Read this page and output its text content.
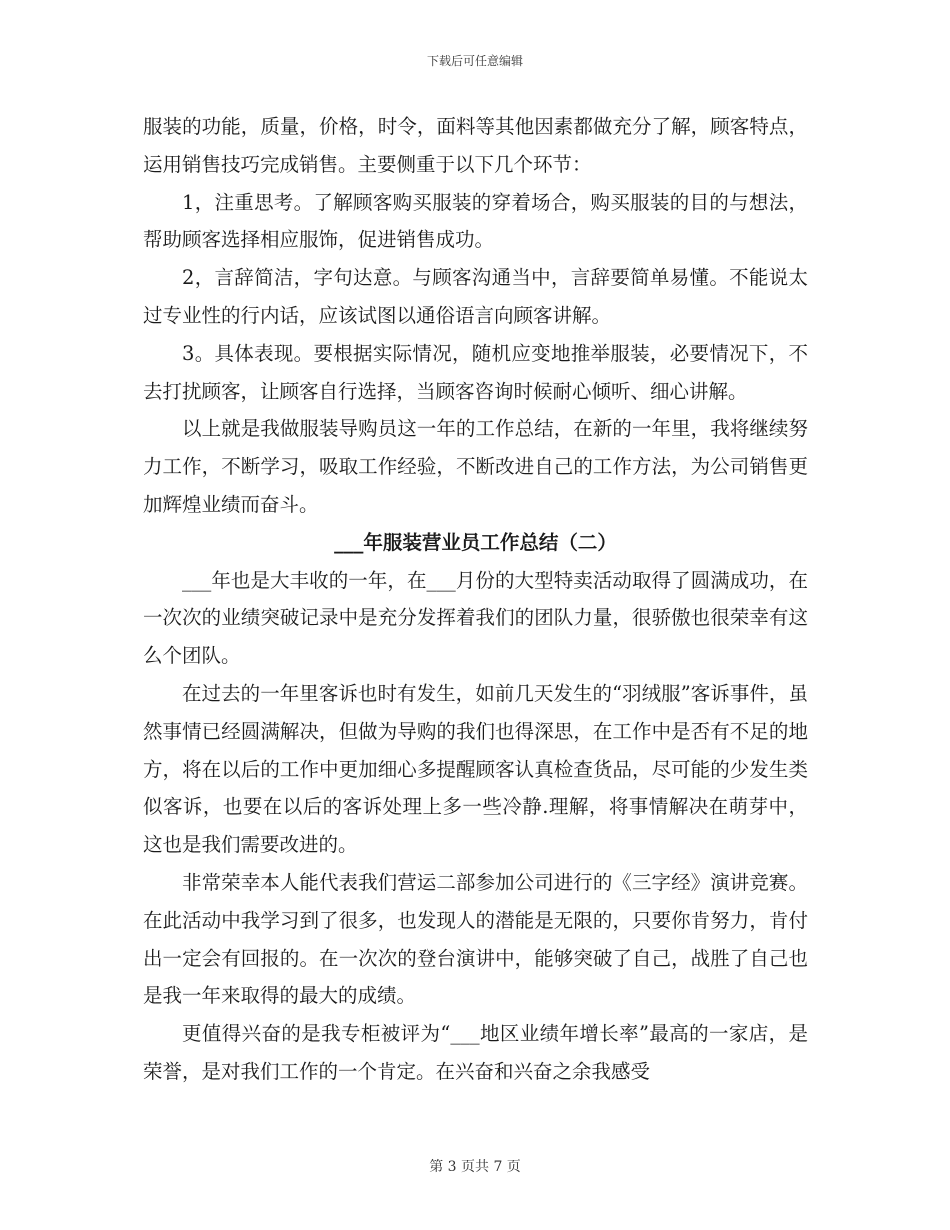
下载后可任意编辑

服装的功能，质量，价格，时令，面料等其他因素都做充分了解，顾客特点，运用销售技巧完成销售。主要侧重于以下几个环节：

1，注重思考。了解顾客购买服装的穿着场合，购买服装的目的与想法，帮助顾客选择相应服饰，促进销售成功。

2，言辞简洁，字句达意。与顾客沟通当中，言辞要简单易懂。不能说太过专业性的行内话，应该试图以通俗语言向顾客讲解。

3。具体表现。要根据实际情况，随机应变地推举服装，必要情况下，不去打扰顾客，让顾客自行选择，当顾客咨询时候耐心倾听、细心讲解。

以上就是我做服装导购员这一年的工作总结，在新的一年里，我将继续努力工作，不断学习，吸取工作经验，不断改进自己的工作方法，为公司销售更加辉煌业绩而奋斗。

___年服装营业员工作总结（二）

___年也是大丰收的一年，在___月份的大型特卖活动取得了圆满成功，在一次次的业绩突破记录中是充分发挥着我们的团队力量，很骄傲也很荣幸有这么个团队。

在过去的一年里客诉也时有发生，如前几天发生的“羽绒服”客诉事件，虽然事情已经圆满解决，但做为导购的我们也得深思，在工作中是否有不足的地方，将在以后的工作中更加细心多提醒顾客认真检查货品，尽可能的少发生类似客诉，也要在以后的客诉处理上多一些冷静.理解，将事情解决在萌芽中，这也是我们需要改进的。

非常荣幸本人能代表我们营运二部参加公司进行的《三字经》演讲竞赛。在此活动中我学习到了很多，也发现人的潜能是无限的，只要你肯努力，肯付出一定会有回报的。在一次次的登台演讲中，能够突破了自己，战胜了自己也是我一年来取得的最大的成绩。

更值得兴奋的是我专柜被评为“___地区业绩年增长率”最高的一家店，是荣誉，是对我们工作的一个肯定。在兴奋和兴奋之余我感受

第 3 页共 7 页
